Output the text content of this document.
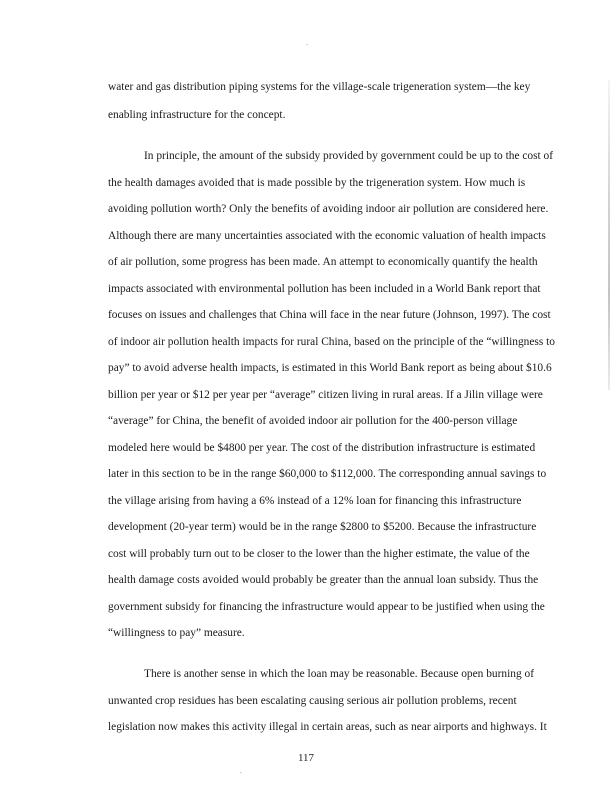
water and gas distribution piping systems for the village-scale trigeneration system—the key
enabling infrastructure for the concept.
In principle, the amount of the subsidy provided by government could be up to the cost of
the health damages avoided that is made possible by the trigeneration system. How much is
avoiding pollution worth? Only the benefits of avoiding indoor air pollution are considered here.
Although there are many uncertainties associated with the economic valuation of health impacts
of air pollution, some progress has been made. An attempt to economically quantify the health
impacts associated with environmental pollution has been included in a World Bank report that
focuses on issues and challenges that China will face in the near future (Johnson, 1997). The cost
of indoor air pollution health impacts for rural China, based on the principle of the “willingness to
pay” to avoid adverse health impacts, is estimated in this World Bank report as being about $10.6
billion per year or $12 per year per “average” citizen living in rural areas. If a Jilin village were
“average” for China, the benefit of avoided indoor air pollution for the 400-person village
modeled here would be $4800 per year. The cost of the distribution infrastructure is estimated
later in this section to be in the range $60,000 to $112,000. The corresponding annual savings to
the village arising from having a 6% instead of a 12% loan for financing this infrastructure
development (20-year term) would be in the range $2800 to $5200. Because the infrastructure
cost will probably turn out to be closer to the lower than the higher estimate, the value of the
health damage costs avoided would probably be greater than the annual loan subsidy. Thus the
government subsidy for financing the infrastructure would appear to be justified when using the
“willingness to pay” measure.
There is another sense in which the loan may be reasonable. Because open burning of
unwanted crop residues has been escalating causing serious air pollution problems, recent
legislation now makes this activity illegal in certain areas, such as near airports and highways. It
117
